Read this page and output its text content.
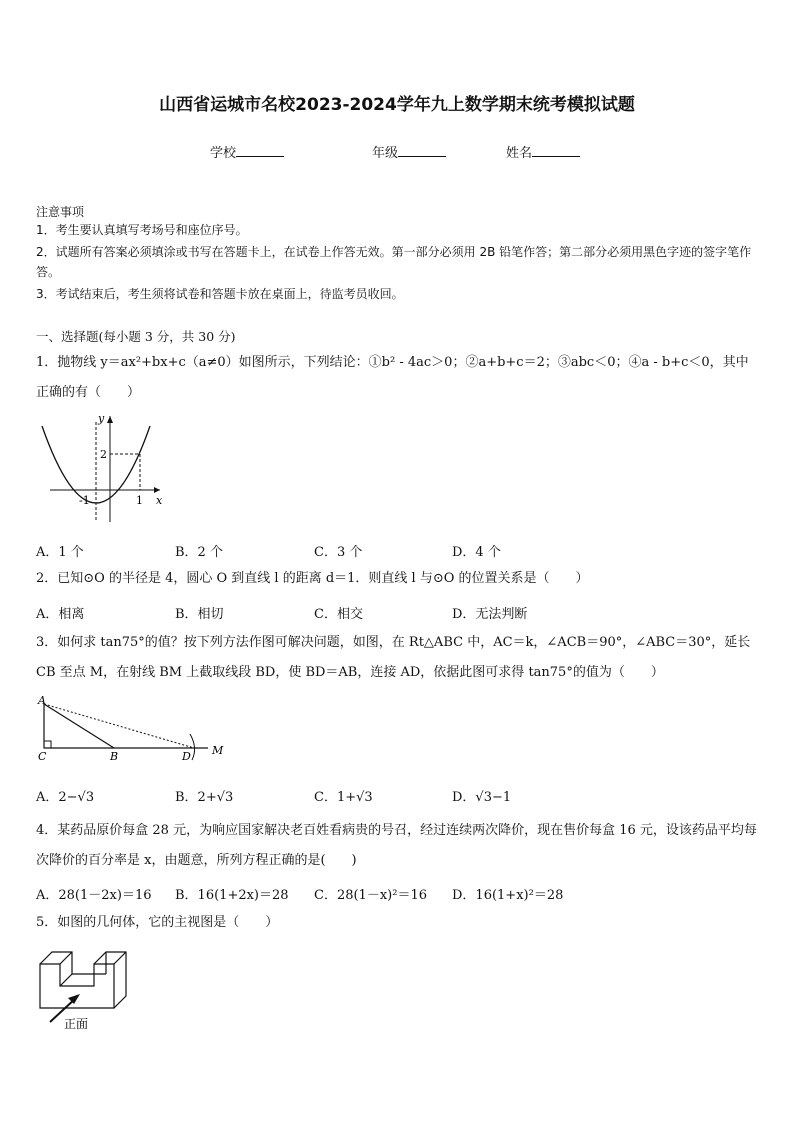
山西省运城市名校2023-2024学年九上数学期末统考模拟试题
学校	年级	姓名
注意事项
1．考生要认真填写考场号和座位序号。
2．试题所有答案必须填涂或书写在答题卡上，在试卷上作答无效。第一部分必须用 2B 铅笔作答；第二部分必须用黑色字迹的签字笔作答。
3．考试结束后，考生须将试卷和答题卡放在桌面上，待监考员收回。
一、选择题(每小题 3 分，共 30 分)
1．抛物线 y＝ax²+bx+c（a≠0）如图所示，下列结论：①b² - 4ac＞0；②a+b+c＝2；③abc＜0；④a - b+c＜0，其中正确的有（　　）
y
x
2
-1	1
A．1 个	B．2 个	C．3 个	D．4 个
2．已知⊙O 的半径是 4，圆心 O 到直线 l 的距离 d＝1．则直线 l 与⊙O 的位置关系是（　　）
A．相离	B．相切	C．相交	D．无法判断
3．如何求 tan75°的值？按下列方法作图可解决问题，如图，在 Rt△ABC 中，AC＝k，∠ACB＝90°，∠ABC＝30°，延长 CB 至点 M，在射线 BM 上截取线段 BD，使 BD＝AB，连接 AD，依据此图可求得 tan75°的值为（　　）
A
C	B	D M
A．2−√3	B．2+√3	C．1+√3	D．√3−1
4．某药品原价每盒 28 元，为响应国家解决老百姓看病贵的号召，经过连续两次降价，现在售价每盒 16 元，设该药品平均每次降价的百分率是 x，由题意，所列方程正确的是(　　)
A．28(1－2x)＝16 B．16(1+2x)＝28 C．28(1－x)²＝16 D．16(1+x)²＝28
5．如图的几何体，它的主视图是（　　）
正面
